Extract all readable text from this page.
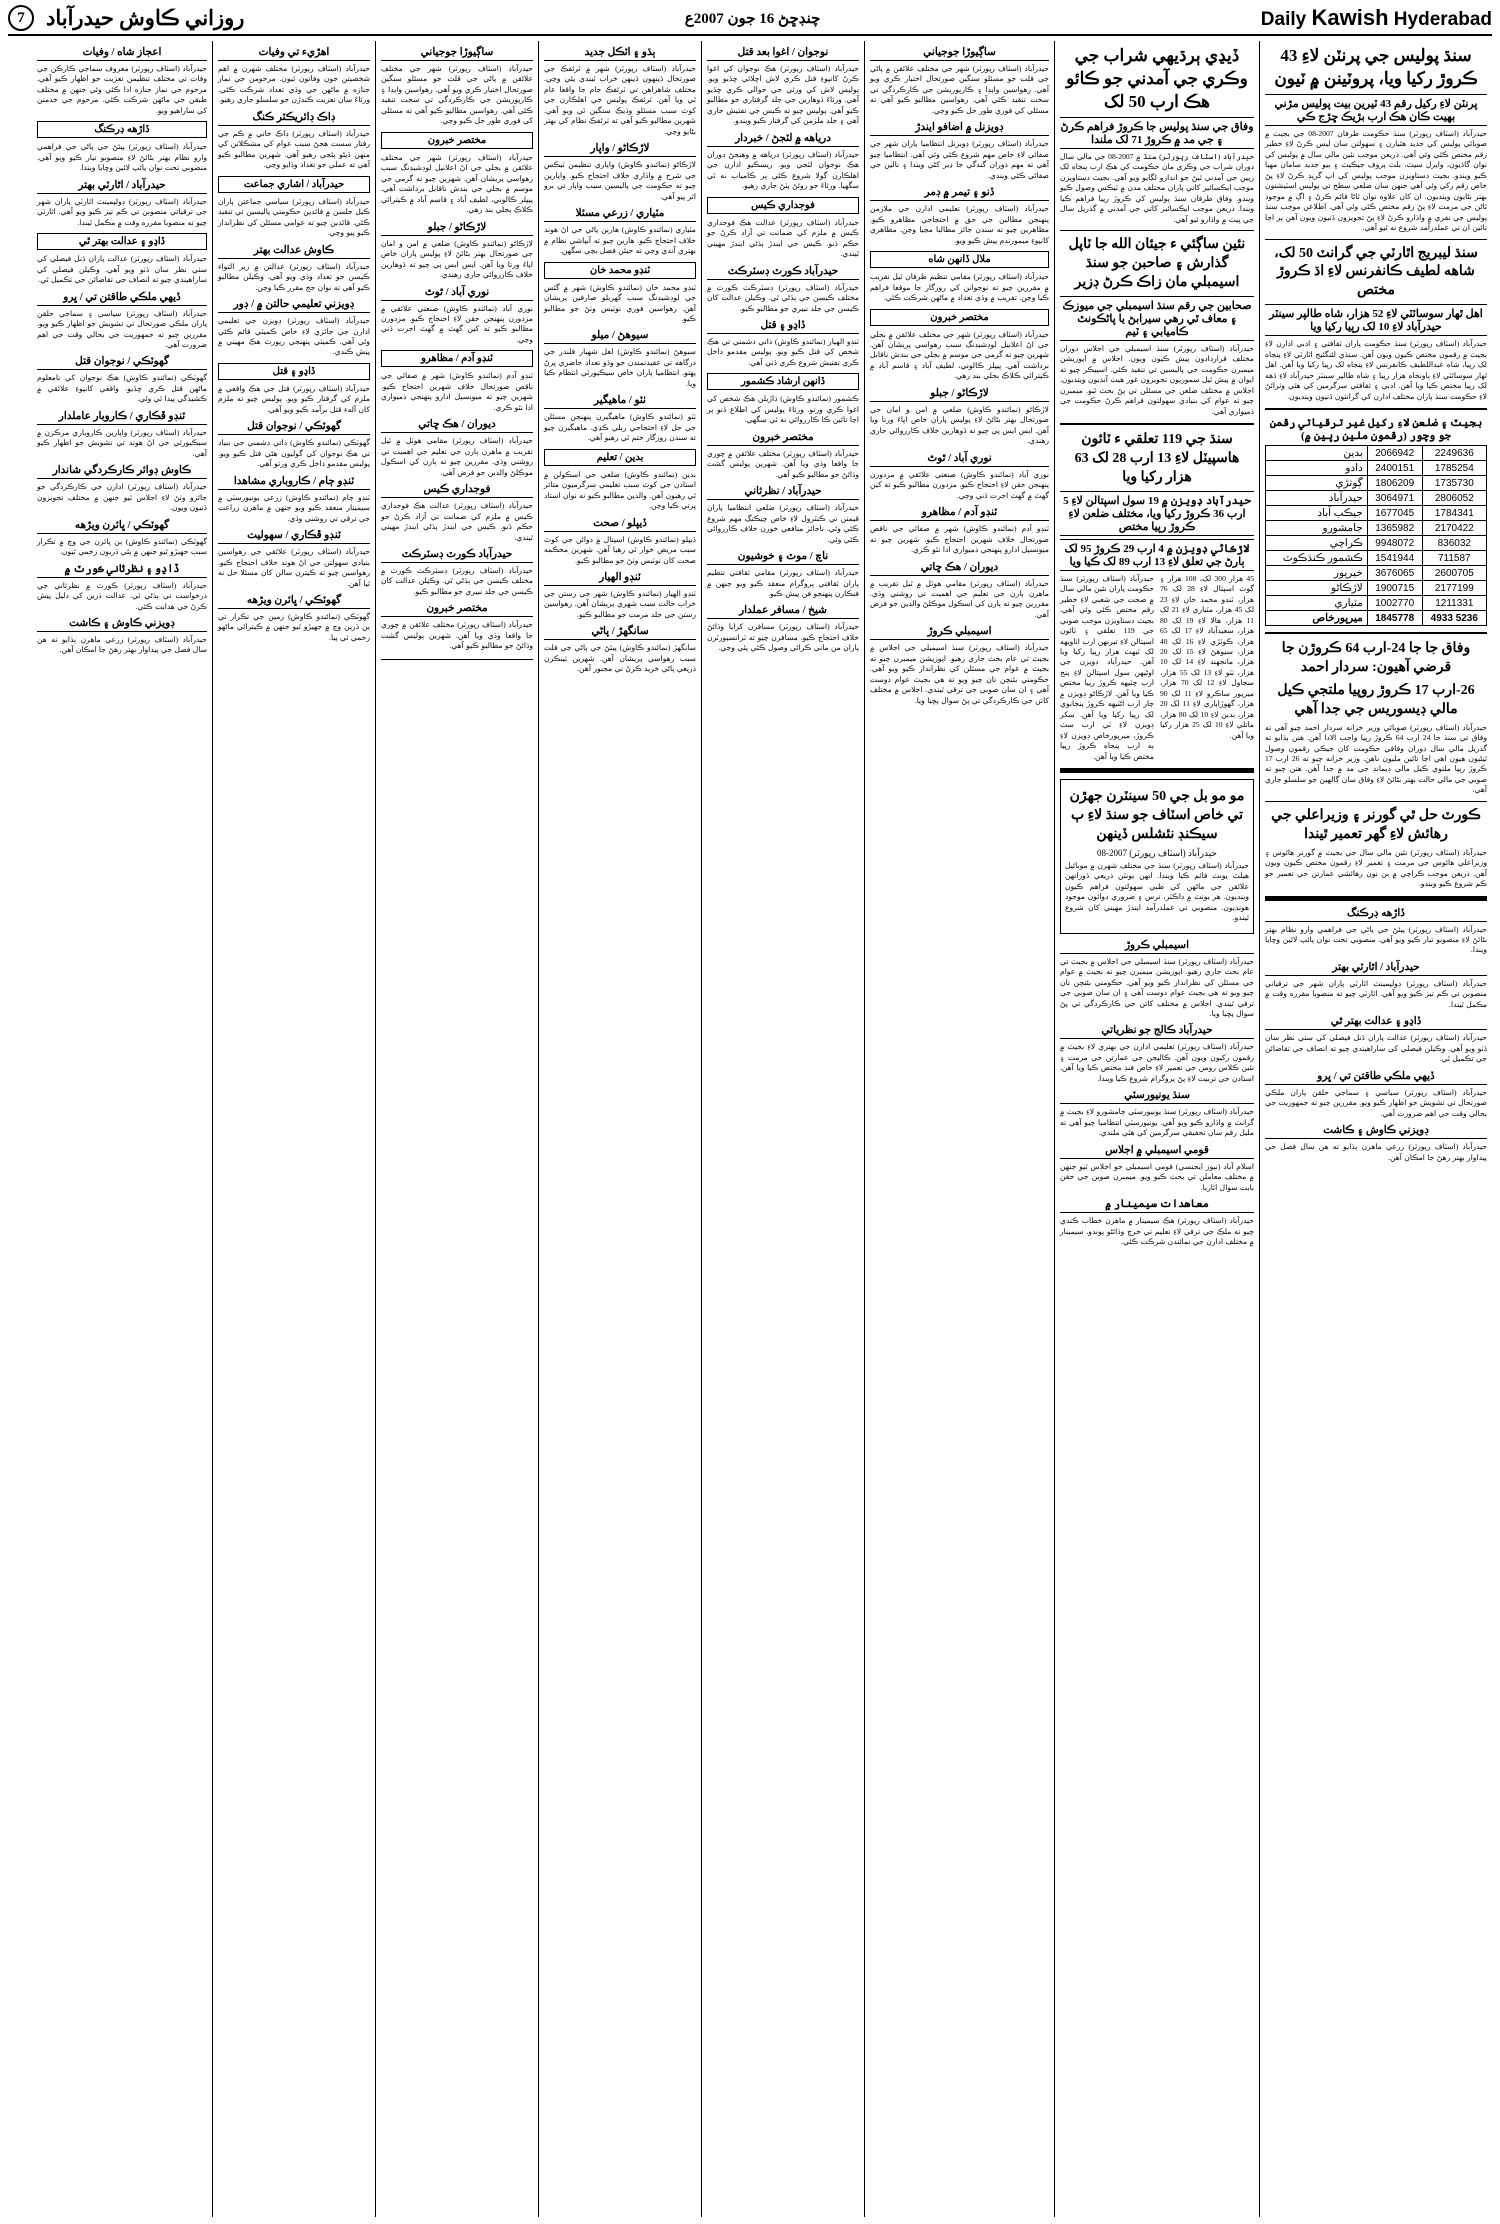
Daily Kawish Hyderabad
چنڊڇڻ 16 جون 2007ع
روزاني ڪاوش حيدرآباد
7
سنڌ پوليس جي پرنٽن لاءِ 43 ڪروڙ رکيا ويا، پروٽينن ۾ ٽيون
پرنٽن لاءِ رکيل رقم 43 ٽيرين بيت پوليس مڙني بهيت ڪان هڪ ارب بڙيڪ ڇڙج ڪي
حيدرآباد (اسٽاف رپورٽر) سنڌ حڪومت طرفان 2007-08 جي بجيٽ ۾ صوبائي پوليس کي جديد هٿيارن ۽ سهولتن سان ليس ڪرڻ لاءِ خطير رقم مختص ڪئي وئي آهي. ذريعن موجب نئين مالي سال ۾ پوليس کي نوان گاڏيون، واپرل سيٽ، بلٽ پروف جيڪيٽ ۽ ٻيو جديد سامان مهيا ڪيو ويندو. بجيٽ دستاويزن موجب پوليس کي اپ گريڊ ڪرڻ لاءِ پڻ خاص رقم رکي وئي آهي جنهن سان ضلعي سطح تي پوليس اسٽيشنون بهتر بڻايون وينديون. ان کان علاوه نوان ٿاڻا قائم ڪرڻ ۽ اڳ ۾ موجود ٿاڻن جي مرمت لاءِ پڻ رقم مختص ڪئي وئي آهي. اطلاعن موجب سنڌ پوليس جي نفري ۾ واڌارو ڪرڻ لاءِ پڻ تجويزون ڏنيون ويون آهن پر اڃا تائين ان تي عملدرآمد شروع نه ٿيو آهي.
سنڌ ليبريج اٿارٽي جي گرانٽ 50 لک، شاهه لطيف ڪانفرنس لاءِ اڌ ڪروڙ مختص
اهل ٿهار سوسائٽي لاءِ 52 هزار، شاه طالپر سينٽر حيدرآباد لاءِ 10 لک رپيا رکيا ويا
حيدرآباد (اسٽاف رپورٽر) سنڌ حڪومت پاران ثقافتي ۽ ادبي ادارن لاءِ بجيٽ ۾ رقمون مختص ڪيون ويون آهن. سنڌي لئنگئيج اٿارٽي لاءِ پنجاه لک رپيا، شاه عبداللطيف ڪانفرنس لاءِ پنجاه لک رپيا رکيا ويا آهن. اهل ٿهار سوسائٽي لاءِ ٻاونجاه هزار رپيا ۽ شاه طالپر سينٽر حيدرآباد لاءِ ڏهه لک رپيا مختص ڪيا ويا آهن. ادبي ۽ ثقافتي سرگرمين کي هٿي وٺرائڻ لاءِ حڪومت سنڌ پاران مختلف ادارن کي گرانٽون ڏنيون وينديون.
بجيٽ ۽ ضلعن لاءِ رکيل غير ترقياتي رقمن جو وچور (رقمون ملين رپين ۾)
2249636	2066942	بدين
1785254	2400151	دادو
1735730	1806209	ڳوٺڙي
2806052	3064971	حيدرآباد
1784341	1677045	جيڪب آباد
2170422	1365982	جامشورو
836032	9948072	ڪراچي
711587	1541944	ڪشمور ڪنڌڪوٽ
2600705	3676065	خيرپور
2177199	1900715	لاڙڪاڻو
1211331	1002770	مٽياري
5236 4933	1845778	ميرپورخاص
وفاق جا جا 24-ارب 64 ڪروڙن جا قرضي آهيون: سردار احمد
26-ارب 17 ڪروڙ روپيا ملتجي ڪيل مالي ڊيسوريس جي جدا آهي
حيدرآباد (اسٽاف رپورٽر) صوبائي وزير خزانه سردار احمد چيو آهي ته وفاق تي سنڌ جا 24 ارب 64 ڪروڙ رپيا واجب الادا آهن. هنن ٻڌايو ته گذريل مالي سال دوران وفاقي حڪومت کان جيڪي رقمون وصول ٿيڻيون هيون اهي اڃا تائين مليون ناهن. وزير خزانه چيو ته 26 ارب 17 ڪروڙ رپيا ملتوي ڪيل مالي ڊيمانڊ جي مد ۾ جدا آهن. هنن چيو ته صوبي جي مالي حالت بهتر بڻائڻ لاءِ وفاق سان ڳالهين جو سلسلو جاري آهي.
ڪورٽ حل ٿي گورنر ۽ وزيراعلي جي رهائش لاءِ گهر تعمير ٿيندا
حيدرآباد (اسٽاف رپورٽر) نئين مالي سال جي بجيٽ ۾ گورنر هائوس ۽ وزيراعلي هائوس جي مرمت ۽ تعمير لاءِ رقمون مختص ڪيون ويون آهن. ذريعن موجب ڪراچي ۾ ٻن نون رهائشي عمارتن جي تعمير جو ڪم شروع ڪيو ويندو.
ڏاڙهه ڊرڪنگ
حيدرآباد (اسٽاف رپورٽر) پيئڻ جي پاڻي جي فراهمي وارو نظام بهتر بڻائڻ لاءِ منصوبو تيار ڪيو ويو آهي. منصوبي تحت نوان پائپ لائين وڇايا ويندا.
حيدرآباد / اٿارٽي بهتر
حيدرآباد (اسٽاف رپورٽر) ڊولپمينٽ اٿارٽي پاران شهر جي ترقياتي منصوبن تي ڪم تيز ڪيو ويو آهي. اٿارٽي چيو ته منصوبا مقرره وقت ۾ مڪمل ٿيندا.
ڏاڍو ۽ عدالت بهتر ٿي
حيدرآباد (اسٽاف رپورٽر) عدالت پاران ڏنل فيصلي کي سٺي نظر سان ڏٺو ويو آهي. وڪيلن فيصلي کي ساراهيندي چيو ته انصاف جي تقاضائن جي تڪميل ٿي.
ڏيهي ملڪي طاقتن تي / ڀرو
حيدرآباد (اسٽاف رپورٽر) سياسي ۽ سماجي حلقن پاران ملڪي صورتحال تي تشويش جو اظهار ڪيو ويو. مقررين چيو ته جمهوريت جي بحالي وقت جي اهم ضرورت آهي.
ڊويزني ڪاوش ۽ ڪاشت
حيدرآباد (اسٽاف رپورٽر) زرعي ماهرن ٻڌايو ته هن سال فصل جي پيداوار بهتر رهڻ جا امڪان آهن.
ڏيڍي ٻرڌيهي شراب جي وڪري جي آمدني جو ڪائو هڪ ارب 50 لک
وفاق جي سنڌ پوليس جا ڪروڙ فراهم ڪرڻ ۽ جي مد ۾ ڪروڙ 71 لک ملندا
حيدرآباد (اسٽاف رپورٽر) سنڌ ۾ 2007-08 جي مالي سال دوران شراب جي وڪري مان حڪومت کي هڪ ارب پنجاه لک رپين جي آمدني ٿيڻ جو اندازو لڳايو ويو آهي. بجيٽ دستاويزن موجب ايڪسائيز کاتي پاران مختلف مدن ۾ ٽيڪس وصول ڪيو ويندو. وفاق طرفان سنڌ پوليس کي ڪروڙ رپيا فراهم ڪيا ويندا. ذريعن موجب ايڪسائيز کاتي جي آمدني ۾ گذريل سال جي ڀيٽ ۾ واڌارو ٿيو آهي.
نئين ساڳئي ء جيئان الله جا ٽاپل گذارش ۽ صاحبن جو سنڌ اسيمبلي مان زاڪ ڪرڻ ڊزير
صحابين جي رقم سنڌ اسيمبلي جي ميوزڪ ۽ معاف ٿي رهي سيرابڻ يا پاڻڪونٿ ڪاميابي ۽ ٽيم
حيدرآباد (اسٽاف رپورٽر) سنڌ اسيمبلي جي اجلاس دوران مختلف قراردادون پيش ڪيون ويون. اجلاس ۾ اپوزيشن ميمبرن حڪومت جي پاليسين تي تنقيد ڪئي. اسپيڪر چيو ته ايوان ۾ پيش ٿيل سموريون تجويزون غور هيٺ آنديون وينديون. اجلاس ۾ مختلف ضلعن جي مسئلن تي پڻ بحث ٿيو. ميمبرن چيو ته عوام کي بنيادي سهولتون فراهم ڪرڻ حڪومت جي ذميواري آهي.
سنڌ جي 119 تعلقي ء ٽائون هاسپيٽل لاءِ 13 ارب 28 لک 63 هزار رکيا ويا
حيدرآباد ڊويزن ۾ 19 سول اسپتالن لاءِ 5 ارب 36 ڪروڙ رکيا ويا، مختلف ضلعن لاءِ ڪروڙ رپيا مختص
لاڙڪاڻي ڊويزن ۾ 4 ارب 29 ڪروڙ 95 لک ٻارڻ جي تعلق لاءِ 13 ارب 89 لک ڪيا ويا
45 هزار 300 لک، 108 هزار ۽ ڳوٺ اسپتال لاءِ 28 لک 76 هزار، ٽنڊو محمد خان لاءِ 23 لک 45 هزار، مٽياري لاءِ 21 لک 11 هزار، هالا لاءِ 19 لک 80 هزار، سعيدآباد لاءِ 17 لک 65 هزار، ڪوٽڙي لاءِ 16 لک 40 هزار، سيوهڻ لاءِ 15 لک 20 هزار، مانجهند لاءِ 14 لک 10 هزار، ٺٽو لاءِ 13 لک 55 هزار، سجاول لاءِ 12 لک 70 هزار، ميرپور ساڪرو لاءِ 11 لک 90 هزار، گهوڙاٻاري لاءِ 11 لک 20 هزار، بدين لاءِ 10 لک 80 هزار، ماتلي لاءِ 10 لک 25 هزار رکيا ويا آهن.
حيدرآباد (اسٽاف رپورٽر) سنڌ حڪومت پاران نئين مالي سال ۾ صحت جي شعبي لاءِ خطير رقم مختص ڪئي وئي آهي. بجيٽ دستاويزن موجب صوبي جي 119 تعلقي ۽ ٽائون اسپتالن لاءِ تيرنهن ارب اٺاويهه لک ٽيهٺ هزار رپيا رکيا ويا آهن. حيدرآباد ڊويزن جي اوڻيهن سول اسپتالن لاءِ پنج ارب ڇٽيهه ڪروڙ رپيا مختص ڪيا ويا آهن. لاڙڪاڻو ڊويزن ۾ چار ارب اڻٽيهه ڪروڙ پنجانوي لک رپيا رکيا ويا آهن. سکر ڊويزن لاءِ ٽي ارب سٺ ڪروڙ، ميرپورخاص ڊويزن لاءِ ٻه ارب پنجاه ڪروڙ رپيا مختص ڪيا ويا آهن.
مو مو بل جي 50 سينٽرن جهڙن تي خاص اسٽاف جو سنڌ لاءِ ٻ سيڪنڊ نئشلس ڏينهن
حيدرآباد (اسٽاف رپورٽر) 2007-08
حيدرآباد (اسٽاف رپورٽر) سنڌ جي مختلف شهرن ۾ موبائيل هيلٿ يونٽ قائم ڪيا ويندا. انهن يونٽن ذريعي ڏورانهن علائقن جي ماڻهن کي طبي سهولتون فراهم ڪيون وينديون. هر يونٽ ۾ ڊاڪٽر، نرس ۽ ضروري دوائون موجود هونديون. منصوبي تي عملدرآمد ايندڙ مهيني کان شروع ٿيندو.
اسيمبلي ڪروڙ
حيدرآباد (اسٽاف رپورٽر) سنڌ اسيمبلي جي اجلاس ۾ بجيٽ تي عام بحث جاري رهيو. اپوزيشن ميمبرن چيو ته بجيٽ ۾ عوام جي مسئلن کي نظرانداز ڪيو ويو آهي. حڪومتي بئنچن تان چيو ويو ته هي بجيٽ عوام دوست آهي ۽ ان سان صوبي جي ترقي ٿيندي. اجلاس ۾ مختلف کاتن جي ڪارڪردگي تي پڻ سوال پڇيا ويا.
حيدرآباد ڪالج جو نظرياتي
حيدرآباد (اسٽاف رپورٽر) تعليمي ادارن جي بهتري لاءِ بجيٽ ۾ رقمون رکيون ويون آهن. ڪاليجن جي عمارتن جي مرمت ۽ نئين ڪلاس رومن جي تعمير لاءِ خاص فنڊ مختص ڪيا ويا آهن. استادن جي تربيت لاءِ پڻ پروگرام شروع ڪيا ويندا.
سنڌ يونيورسٽي
حيدرآباد (اسٽاف رپورٽر) سنڌ يونيورسٽي ڄامشورو لاءِ بجيٽ ۾ گرانٽ ۾ واڌارو ڪيو ويو آهي. يونيورسٽي انتظاميا چيو آهي ته مليل رقم سان تحقيقي سرگرمين کي هٿي ملندي.
قومي اسيمبلي ۾ اجلاس
اسلام آباد (نيوز ايجنسي) قومي اسيمبلي جو اجلاس ٿيو جنهن ۾ مختلف معاملن تي بحث ڪيو ويو. ميمبرن صوبن جي حقن بابت سوال اٿاريا.
معاهدات سيمينار ۾
حيدرآباد (اسٽاف رپورٽر) هڪ سيمينار ۾ ماهرن خطاب ڪندي چيو ته ملڪ جي ترقي لاءِ تعليم تي خرچ وڌائڻو پوندو. سيمينار ۾ مختلف ادارن جي نمائندن شرڪت ڪئي.
ساڳيوڙا جوجياني
حيدرآباد (اسٽاف رپورٽر) شهر جي مختلف علائقن ۾ پاڻي جي قلت جو مسئلو سنگين صورتحال اختيار ڪري ويو آهي. رهواسين واپڊا ۽ ڪارپوريشن جي ڪارڪردگي تي سخت تنقيد ڪئي آهي. رهواسين مطالبو ڪيو آهي ته مسئلي کي فوري طور حل ڪيو وڃي.
ڊويزنل ۾ اضافو ايندڙ
حيدرآباد (اسٽاف رپورٽر) ڊويزنل انتظاميا پاران شهر جي صفائي لاءِ خاص مهم شروع ڪئي وئي آهي. انتظاميا چيو آهي ته مهم دوران گندگي جا ڍير کڻي ويندا ۽ نالين جي صفائي ڪئي ويندي.
ڏنو ۽ تيمر ۾ ڊمر
حيدرآباد (اسٽاف رپورٽر) تعليمي ادارن جي ملازمن پنهنجن مطالبن جي حق ۾ احتجاجي مظاهرو ڪيو. مظاهرين چيو ته سندن جائز مطالبا مڃيا وڃن. مظاهري کانپوءِ ميمورنڊم پيش ڪيو ويو.
ملال ڏانهن شاه
حيدرآباد (اسٽاف رپورٽر) مقامي تنظيم طرفان ٿيل تقريب ۾ مقررين چيو ته نوجوانن کي روزگار جا موقعا فراهم ڪيا وڃن. تقريب ۾ وڏي تعداد ۾ ماڻهن شرڪت ڪئي.
مختصر خبرون
حيدرآباد (اسٽاف رپورٽر) شهر جي مختلف علائقن ۾ بجلي جي اڻ اعلانيل لوڊشيڊنگ سبب رهواسي پريشان آهن. شهرين چيو ته گرمي جي موسم ۾ بجلي جي بندش ناقابل برداشت آهي. پيپلز ڪالوني، لطيف آباد ۽ قاسم آباد ۾ ڪيترائي ڪلاڪ بجلي بند رهي.
لاڙڪاڻو / جبلو
لاڙڪاڻو (نمائندو ڪاوش) ضلعي ۾ امن و امان جي صورتحال بهتر بڻائڻ لاءِ پوليس پاران خاص اپاءَ ورتا ويا آهن. ايس ايس پي چيو ته ڏوهارين خلاف ڪارروائي جاري رهندي.
نوري آباد / ٿوٿ
نوري آباد (نمائندو ڪاوش) صنعتي علائقي ۾ مزدورن پنهنجن حقن لاءِ احتجاج ڪيو. مزدورن مطالبو ڪيو ته کين گهٽ ۾ گهٽ اجرت ڏني وڃي.
ٽنڊو آدم / مظاهرو
ٽنڊو آدم (نمائندو ڪاوش) شهر ۾ صفائي جي ناقص صورتحال خلاف شهرين احتجاج ڪيو. شهرين چيو ته ميونسپل ادارو پنهنجي ذميواري ادا نٿو ڪري.
ديوران / هڪ ڇاتي
حيدرآباد (اسٽاف رپورٽر) مقامي هوٽل ۾ ٿيل تقريب ۾ ماهرن ٻارن جي تعليم جي اهميت تي روشني وڌي. مقررين چيو ته ٻارن کي اسڪول موڪلڻ والدين جو فرض آهي.
اسيمبلي ڪروڙ
حيدرآباد (اسٽاف رپورٽر) سنڌ اسيمبلي جي اجلاس ۾ بجيٽ تي عام بحث جاري رهيو. اپوزيشن ميمبرن چيو ته بجيٽ ۾ عوام جي مسئلن کي نظرانداز ڪيو ويو آهي. حڪومتي بئنچن تان چيو ويو ته هي بجيٽ عوام دوست آهي ۽ ان سان صوبي جي ترقي ٿيندي. اجلاس ۾ مختلف کاتن جي ڪارڪردگي تي پڻ سوال پڇيا ويا.
نوجوان / اغوا بعد قتل
حيدرآباد (اسٽاف رپورٽر) هڪ نوجوان کي اغوا ڪرڻ کانپوءِ قتل ڪري لاش اڇلائي ڇڏيو ويو. پوليس لاش کي ورثي جي حوالي ڪري ڇڏيو آهي. ورثاءَ ڏوهارين جي جلد گرفتاري جو مطالبو ڪيو آهي. پوليس چيو ته ڪيس جي تفتيش جاري آهي ۽ جلد ملزمن کي گرفتار ڪيو ويندو.
درياهه ۾ لٽجڻ / خبردار
حيدرآباد (اسٽاف رپورٽر) درياهه ۾ وهنجڻ دوران هڪ نوجوان لٽجي ويو. ريسڪيو ادارن جي اهلڪارن ڳولا شروع ڪئي پر ڪامياب نه ٿي سگهيا. ورثاءَ جو روئڻ پٽڻ جاري رهيو.
فوجداري ڪيس
حيدرآباد (اسٽاف رپورٽر) عدالت هڪ فوجداري ڪيس ۾ ملزم کي ضمانت تي آزاد ڪرڻ جو حڪم ڏنو. ڪيس جي ايندڙ ٻڌڻي ايندڙ مهيني ٿيندي.
حيدرآباد ڪورٽ ڊسٽرڪٽ
حيدرآباد (اسٽاف رپورٽر) ڊسٽرڪٽ ڪورٽ ۾ مختلف ڪيسن جي ٻڌڻي ٿي. وڪيلن عدالت کان ڪيسن جي جلد نبيري جو مطالبو ڪيو.
ڏاڍو ۽ قتل
ٽنڊو الهيار (نمائندو ڪاوش) ذاتي دشمني تي هڪ شخص کي قتل ڪيو ويو. پوليس مقدمو داخل ڪري تفتيش شروع ڪري ڏني آهي.
ڏانهن ارشاد ڪشمور
ڪشمور (نمائندو ڪاوش) ڌاڙيلن هڪ شخص کي اغوا ڪري ورتو. ورثاءَ پوليس کي اطلاع ڏنو پر اڃا تائين ڪا ڪارروائي نه ٿي سگهي.
مختصر خبرون
حيدرآباد (اسٽاف رپورٽر) مختلف علائقن ۾ چوري جا واقعا وڌي ويا آهن. شهرين پوليس گشت وڌائڻ جو مطالبو ڪيو آهي.
حيدرآباد / نظرثاني
حيدرآباد (اسٽاف رپورٽر) ضلعي انتظاميا پاران قيمتن تي ڪنٽرول لاءِ خاص چيڪنگ مهم شروع ڪئي وئي. ناجائز منافعي خورن خلاف ڪارروائي ڪئي وئي.
ناچ / موٽ ۽ خوشيون
حيدرآباد (اسٽاف رپورٽر) مقامي ثقافتي تنظيم پاران ثقافتي پروگرام منعقد ڪيو ويو جنهن ۾ فنڪارن پنهنجو فن پيش ڪيو.
شيخ / مسافر عملدار
حيدرآباد (اسٽاف رپورٽر) مسافرن کرايا وڌائڻ خلاف احتجاج ڪيو. مسافرن چيو ته ٽرانسپورٽرن پاران من ماني ڪرائي وصول ڪئي پئي وڃي.
ٻڌو ۽ اٽڪل جديد
حيدرآباد (اسٽاف رپورٽر) شهر ۾ ٽرئفڪ جي صورتحال ڏينهون ڏينهن خراب ٿيندي پئي وڃي. مختلف شاهراهن تي ٽرئفڪ جام جا واقعا عام ٿي ويا آهن. ٽرئفڪ پوليس جي اهلڪارن جي کوٽ سبب مسئلو وڌيڪ سنگين ٿي ويو آهي. شهرين مطالبو ڪيو آهي ته ٽرئفڪ نظام کي بهتر بڻايو وڃي.
لاڙڪاڻو / واپار
لاڙڪاڻو (نمائندو ڪاوش) واپاري تنظيمن ٽيڪس جي شرح ۾ واڌاري خلاف احتجاج ڪيو. واپارين چيو ته حڪومت جي پاليسين سبب واپار تي برو اثر پيو آهي.
مٽياري / زرعي مسئلا
مٽياري (نمائندو ڪاوش) هارين پاڻي جي اڻ هوند خلاف احتجاج ڪيو. هارين چيو ته آبپاشي نظام ۾ بهتري آندي وڃي ته جيئن فصل بچي سگهن.
ٽنڊو محمد خان
ٽنڊو محمد خان (نمائندو ڪاوش) شهر ۾ گئس جي لوڊشيڊنگ سبب گهريلو صارفين پريشان آهن. رهواسين فوري نوٽيس وٺڻ جو مطالبو ڪيو.
سيوهڻ / ميلو
سيوهڻ (نمائندو ڪاوش) لعل شهباز قلندر جي درگاهه تي عقيدتمندن جو وڏو تعداد حاضري ڀرڻ پهتو. انتظاميا پاران خاص سيڪيورٽي انتظام ڪيا ويا.
ٺٽو / ماهيگير
ٺٽو (نمائندو ڪاوش) ماهيگيرن پنهنجن مسئلن جي حل لاءِ احتجاجي ريلي ڪڍي. ماهيگيرن چيو ته سندن روزگار ختم ٿي رهيو آهي.
بدين / تعليم
بدين (نمائندو ڪاوش) ضلعي جي اسڪولن ۾ استادن جي کوٽ سبب تعليمي سرگرميون متاثر ٿي رهيون آهن. والدين مطالبو ڪيو ته نوان استاد ڀرتي ڪيا وڃن.
ڏيپلو / صحت
ڏيپلو (نمائندو ڪاوش) اسپتال ۾ دوائن جي کوٽ سبب مريض خوار ٿي رهيا آهن. شهرين محڪمه صحت کان نوٽيس وٺڻ جو مطالبو ڪيو.
ٽنڊو الهيار
ٽنڊو الهيار (نمائندو ڪاوش) شهر جي رستن جي خراب حالت سبب شهري پريشان آهن. رهواسين رستن جي جلد مرمت جو مطالبو ڪيو.
سانگهڙ / پاڻي
سانگهڙ (نمائندو ڪاوش) پيئڻ جي پاڻي جي قلت سبب رهواسي پريشان آهن. شهرين ٽينڪرن ذريعي پاڻي خريد ڪرڻ تي مجبور آهن.
ساڳيوڙا جوجياني
حيدرآباد (اسٽاف رپورٽر) شهر جي مختلف علائقن ۾ پاڻي جي قلت جو مسئلو سنگين صورتحال اختيار ڪري ويو آهي. رهواسين واپڊا ۽ ڪارپوريشن جي ڪارڪردگي تي سخت تنقيد ڪئي آهي. رهواسين مطالبو ڪيو آهي ته مسئلي کي فوري طور حل ڪيو وڃي.
مختصر خبرون
حيدرآباد (اسٽاف رپورٽر) شهر جي مختلف علائقن ۾ بجلي جي اڻ اعلانيل لوڊشيڊنگ سبب رهواسي پريشان آهن. شهرين چيو ته گرمي جي موسم ۾ بجلي جي بندش ناقابل برداشت آهي. پيپلز ڪالوني، لطيف آباد ۽ قاسم آباد ۾ ڪيترائي ڪلاڪ بجلي بند رهي.
لاڙڪاڻو / جبلو
لاڙڪاڻو (نمائندو ڪاوش) ضلعي ۾ امن و امان جي صورتحال بهتر بڻائڻ لاءِ پوليس پاران خاص اپاءَ ورتا ويا آهن. ايس ايس پي چيو ته ڏوهارين خلاف ڪارروائي جاري رهندي.
نوري آباد / ٿوٿ
نوري آباد (نمائندو ڪاوش) صنعتي علائقي ۾ مزدورن پنهنجن حقن لاءِ احتجاج ڪيو. مزدورن مطالبو ڪيو ته کين گهٽ ۾ گهٽ اجرت ڏني وڃي.
ٽنڊو آدم / مظاهرو
ٽنڊو آدم (نمائندو ڪاوش) شهر ۾ صفائي جي ناقص صورتحال خلاف شهرين احتجاج ڪيو. شهرين چيو ته ميونسپل ادارو پنهنجي ذميواري ادا نٿو ڪري.
ديوران / هڪ ڇاتي
حيدرآباد (اسٽاف رپورٽر) مقامي هوٽل ۾ ٿيل تقريب ۾ ماهرن ٻارن جي تعليم جي اهميت تي روشني وڌي. مقررين چيو ته ٻارن کي اسڪول موڪلڻ والدين جو فرض آهي.
فوجداري ڪيس
حيدرآباد (اسٽاف رپورٽر) عدالت هڪ فوجداري ڪيس ۾ ملزم کي ضمانت تي آزاد ڪرڻ جو حڪم ڏنو. ڪيس جي ايندڙ ٻڌڻي ايندڙ مهيني ٿيندي.
حيدرآباد ڪورٽ ڊسٽرڪٽ
حيدرآباد (اسٽاف رپورٽر) ڊسٽرڪٽ ڪورٽ ۾ مختلف ڪيسن جي ٻڌڻي ٿي. وڪيلن عدالت کان ڪيسن جي جلد نبيري جو مطالبو ڪيو.
مختصر خبرون
حيدرآباد (اسٽاف رپورٽر) مختلف علائقن ۾ چوري جا واقعا وڌي ويا آهن. شهرين پوليس گشت وڌائڻ جو مطالبو ڪيو آهي.
اهڙيء تي وفيات
حيدرآباد (اسٽاف رپورٽر) مختلف شهرن ۾ اهم شخصيتن جون وفاتون ٿيون. مرحومن جي نماز جنازه ۾ ماڻهن جي وڏي تعداد شرڪت ڪئي. ورثاءَ سان تعزيت ڪندڙن جو سلسلو جاري رهيو.
ڊاڪ ڊائريڪٽر ڪنگ
حيدرآباد (اسٽاف رپورٽر) ڊاڪ خاني ۾ ڪم جي رفتار سست هجڻ سبب عوام کي مشڪلاتن کي منهن ڏيڻو پئجي رهيو آهي. شهرين مطالبو ڪيو آهي ته عملي جو تعداد وڌايو وڃي.
حيدرآباد / اشاري جماعت
حيدرآباد (اسٽاف رپورٽر) سياسي جماعتن پاران ڪيل جلسن ۾ قائدين حڪومتي پاليسين تي تنقيد ڪئي. قائدين چيو ته عوامي مسئلن کي نظرانداز ڪيو پيو وڃي.
ڪاوش عدالت بهتر
حيدرآباد (اسٽاف رپورٽر) عدالتن ۾ زير التواء ڪيسن جو تعداد وڌي ويو آهي. وڪيلن مطالبو ڪيو آهي ته نوان جج مقرر ڪيا وڃن.
ڊويزني تعليمي حالتن ۾ / ڊور
حيدرآباد (اسٽاف رپورٽر) ڊويزن جي تعليمي ادارن جي جائزي لاءِ خاص ڪميٽي قائم ڪئي وئي آهي. ڪميٽي پنهنجي رپورٽ هڪ مهيني ۾ پيش ڪندي.
ڏاڍو ۽ قتل
حيدرآباد (اسٽاف رپورٽر) قتل جي هڪ واقعي ۾ ملزم کي گرفتار ڪيو ويو. پوليس چيو ته ملزم کان آلهء قتل برآمد ڪيو ويو آهي.
گهوٽڪي / نوجوان قتل
گهوٽڪي (نمائندو ڪاوش) ذاتي دشمني جي بنياد تي هڪ نوجوان کي گوليون هڻي قتل ڪيو ويو. پوليس مقدمو داخل ڪري ورتو آهي.
ٽنڊو ڄام / ڪاروباري مشاهدا
ٽنڊو ڄام (نمائندو ڪاوش) زرعي يونيورسٽي ۾ سيمينار منعقد ڪيو ويو جنهن ۾ ماهرن زراعت جي ترقي تي روشني وڌي.
ٽنڊو ڦڪاري / سهوليت
حيدرآباد (اسٽاف رپورٽر) علائقي جي رهواسين بنيادي سهولتن جي اڻ هوند خلاف احتجاج ڪيو. رهواسين چيو ته ڪيترن سالن کان مسئلا حل نه ٿيا آهن.
گهوٽڪي / ڀائرن ويڙهه
گهوٽڪي (نمائندو ڪاوش) زمين جي تڪرار تي ٻن ڌرين وچ ۾ جهيڙو ٿيو جنهن ۾ ڪيترائي ماڻهو زخمي ٿي پيا.
اعجاز شاه / وفيات
حيدرآباد (اسٽاف رپورٽر) معروف سماجي ڪارڪن جي وفات تي مختلف تنظيمن تعزيت جو اظهار ڪيو آهي. مرحوم جي نماز جنازه ادا ڪئي وئي جنهن ۾ مختلف طبقن جي ماڻهن شرڪت ڪئي. مرحوم جي خدمتن کي ساراهيو ويو.
ڏاڙهه ڊرڪنگ
حيدرآباد (اسٽاف رپورٽر) پيئڻ جي پاڻي جي فراهمي وارو نظام بهتر بڻائڻ لاءِ منصوبو تيار ڪيو ويو آهي. منصوبي تحت نوان پائپ لائين وڇايا ويندا.
حيدرآباد / اٿارٽي بهتر
حيدرآباد (اسٽاف رپورٽر) ڊولپمينٽ اٿارٽي پاران شهر جي ترقياتي منصوبن تي ڪم تيز ڪيو ويو آهي. اٿارٽي چيو ته منصوبا مقرره وقت ۾ مڪمل ٿيندا.
ڏاڍو ۽ عدالت بهتر ٿي
حيدرآباد (اسٽاف رپورٽر) عدالت پاران ڏنل فيصلي کي سٺي نظر سان ڏٺو ويو آهي. وڪيلن فيصلي کي ساراهيندي چيو ته انصاف جي تقاضائن جي تڪميل ٿي.
ڏيهي ملڪي طاقتن تي / ڀرو
حيدرآباد (اسٽاف رپورٽر) سياسي ۽ سماجي حلقن پاران ملڪي صورتحال تي تشويش جو اظهار ڪيو ويو. مقررين چيو ته جمهوريت جي بحالي وقت جي اهم ضرورت آهي.
گهوٽڪي / نوجوان قتل
گهوٽڪي (نمائندو ڪاوش) هڪ نوجوان کي نامعلوم ماڻهن قتل ڪري ڇڏيو. واقعي کانپوءِ علائقي ۾ ڪشيدگي پيدا ٿي وئي.
ٽنڊو ڦڪاري / ڪاروبار عاملدار
حيدرآباد (اسٽاف رپورٽر) واپارين ڪاروباري مرڪزن ۾ سيڪيورٽي جي اڻ هوند تي تشويش جو اظهار ڪيو آهي.
ڪاوش ڊوائر ڪارڪردگي شاندار
حيدرآباد (اسٽاف رپورٽر) ادارن جي ڪارڪردگي جو جائزو وٺڻ لاءِ اجلاس ٿيو جنهن ۾ مختلف تجويزون ڏنيون ويون.
گهوٽڪي / ڀائرن ويڙهه
گهوٽڪي (نمائندو ڪاوش) ٻن ڀائرن جي وچ ۾ تڪرار سبب جهيڙو ٿيو جنهن ۾ ٻئي ڌريون زخمي ٿيون.
ڏاڍو ۽ نظرثاني ڪورٽ ۾
حيدرآباد (اسٽاف رپورٽر) ڪورٽ ۾ نظرثاني جي درخواست تي ٻڌڻي ٿي. عدالت ڌرين کي دليل پيش ڪرڻ جي هدايت ڪئي.
ڊويزني ڪاوش ۽ ڪاشت
حيدرآباد (اسٽاف رپورٽر) زرعي ماهرن ٻڌايو ته هن سال فصل جي پيداوار بهتر رهڻ جا امڪان آهن.
